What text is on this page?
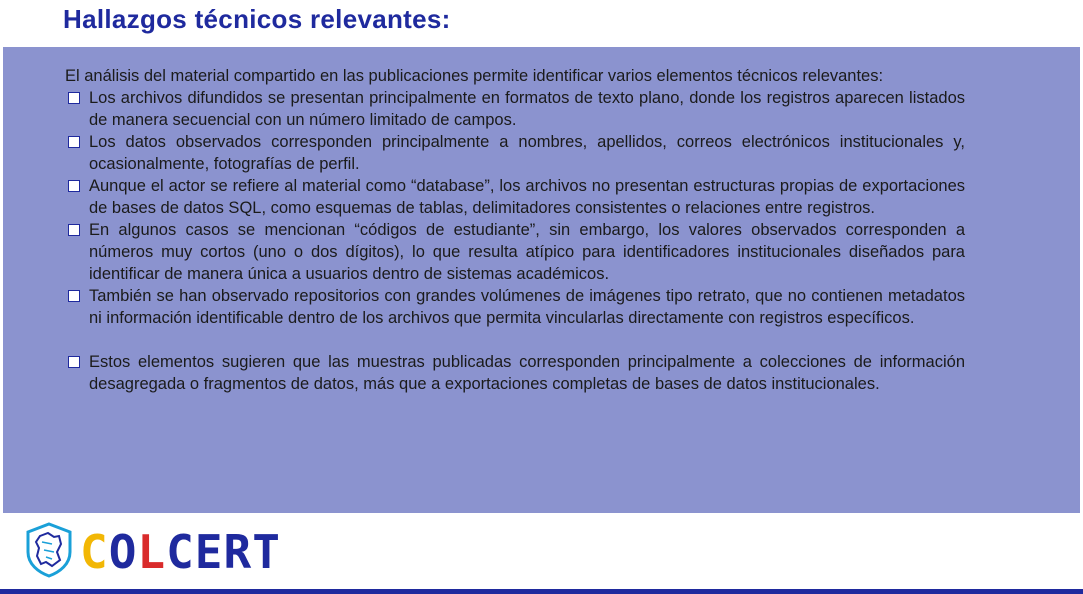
Hallazgos técnicos relevantes:

El análisis del material compartido en las publicaciones permite identificar varios elementos técnicos relevantes:

Los archivos difundidos se presentan principalmente en formatos de texto plano, donde los registros aparecen listados de manera secuencial con un número limitado de campos.
Los datos observados corresponden principalmente a nombres, apellidos, correos electrónicos institucionales y, ocasionalmente, fotografías de perfil.
Aunque el actor se refiere al material como “database”, los archivos no presentan estructuras propias de exportaciones de bases de datos SQL, como esquemas de tablas, delimitadores consistentes o relaciones entre registros.
En algunos casos se mencionan “códigos de estudiante”, sin embargo, los valores observados corresponden a números muy cortos (uno o dos dígitos), lo que resulta atípico para identificadores institucionales diseñados para identificar de manera única a usuarios dentro de sistemas académicos.
También se han observado repositorios con grandes volúmenes de imágenes tipo retrato, que no contienen metadatos ni información identificable dentro de los archivos que permita vincularlas directamente con registros específicos.
Estos elementos sugieren que las muestras publicadas corresponden principalmente a colecciones de información desagregada o fragmentos de datos, más que a exportaciones completas de bases de datos institucionales.
COLCERT
